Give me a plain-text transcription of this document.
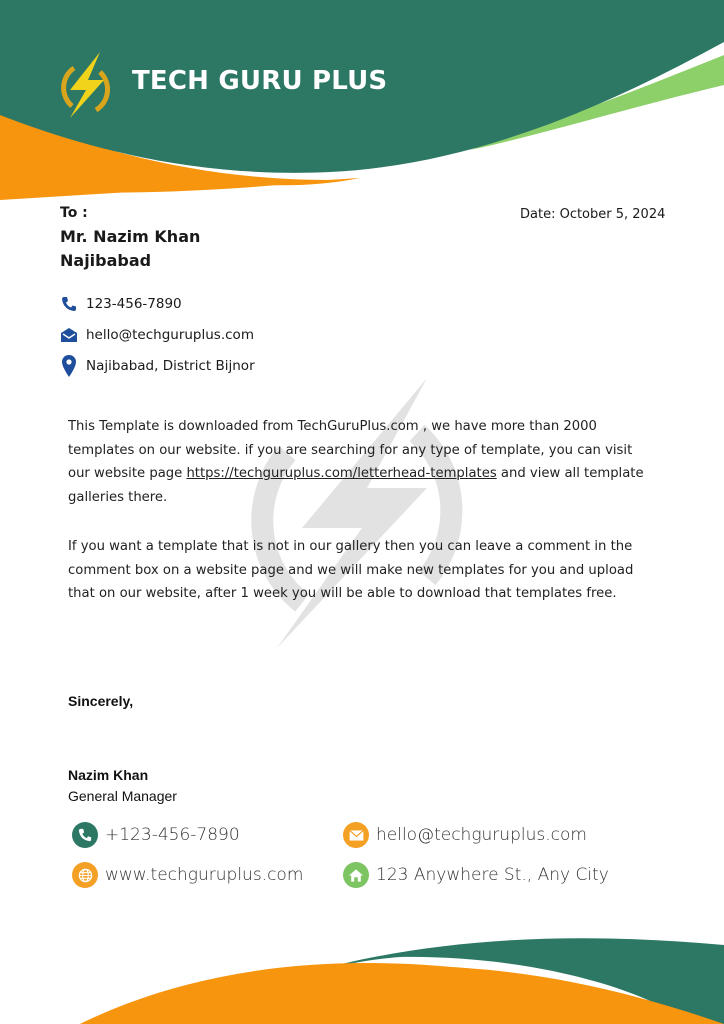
TECH GURU PLUS
To :
Mr. Nazim Khan
Najibabad
Date: October 5, 2024
123-456-7890
hello@techguruplus.com
Najibabad, District Bijnor
This Template is downloaded from TechGuruPlus.com , we have more than 2000 templates on our website. if you are searching for any type of template, you can visit our website page https://techguruplus.com/letterhead-templates and view all template galleries there.
If you want a template that is not in our gallery then you can leave a comment in the comment box on a website page and we will make new templates for you and upload that on our website, after 1 week you will be able to download that templates free.
Sincerely,
Nazim Khan
General Manager
+123-456-7890
www.techguruplus.com
hello@techguruplus.com
123 Anywhere St., Any City
